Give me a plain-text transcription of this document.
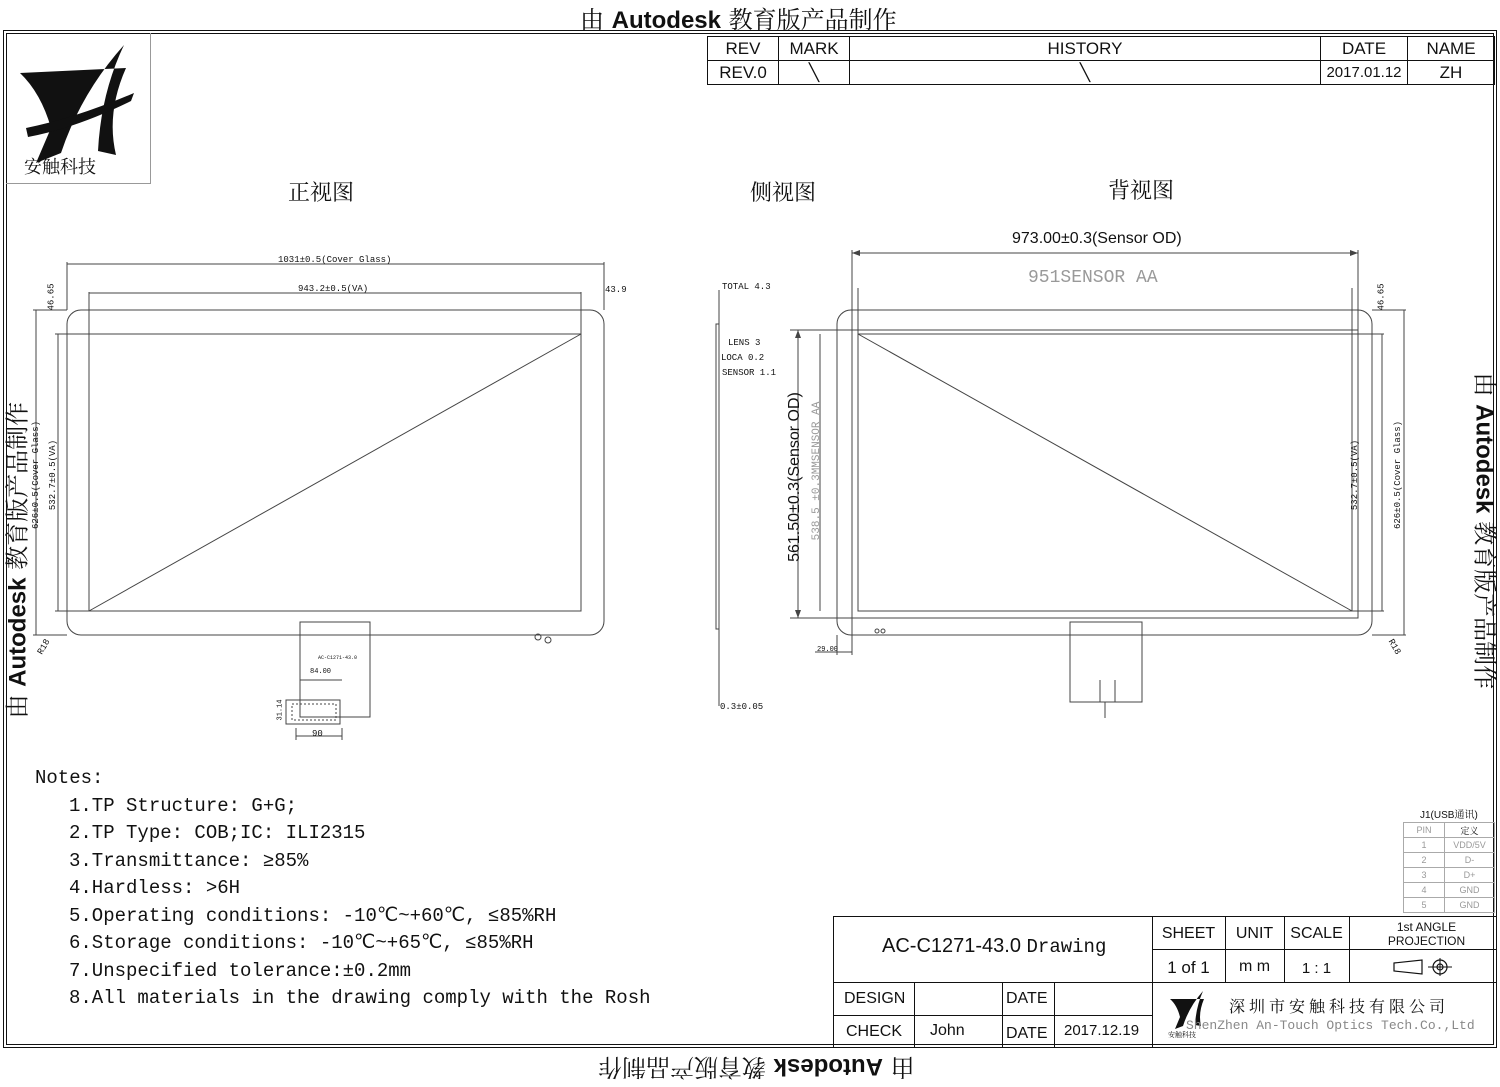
由 Autodesk 教育版产品制作
由 Autodesk 教育版产品制作
由 Autodesk 教育版产品制作
由 Autodesk 教育版产品制作
安触科技
REV	MARK	HISTORY	DATE	NAME
REV.0	╲	╲	2017.01.12	ZH
正视图	侧视图	背视图
1031±0.5(Cover Glass)
943.2±0.5(VA)	43.9
46.65
626±0.5(Cover Glass) 532.7±0.5(VA)
R18
84.00
31.14
90
AC-C1271-43.0
TOTAL 4.3
LENS 3
LOCA 0.2
SENSOR 1.1
0.3±0.05
973.00±0.3(Sensor OD)
951SENSOR AA
561.50±0.3(Sensor OD) 538.5 ±0.3MMSENSOR AA
46.65
532.7±0.5(VA)	626±0.5(Cover Glass)
29.00	R18
Notes:
1.TP Structure: G+G;
2.TP Type: COB;IC: ILI2315
3.Transmittance: ≥85%
4.Hardless: >6H
5.Operating conditions: -10℃~+60℃, ≤85%RH
6.Storage conditions: -10℃~+65℃, ≤85%RH
7.Unspecified tolerance:±0.2mm
8.All materials in the drawing comply with the Rosh
J1(USB通讯)
PIN	定义
1	VDD/5V
2	D-
3	D+
4	GND
5	GND
AC-C1271-43.0 Drawing
SHEET	UNIT	SCALE	1st ANGLE PROJECTION
1 of 1	m m	1 : 1
DESIGN	DATE
CHECK John	DATE 2017.12.19	安触科技
深圳市安触科技有限公司
ShenZhen An-Touch Optics Tech.Co.,Ltd
